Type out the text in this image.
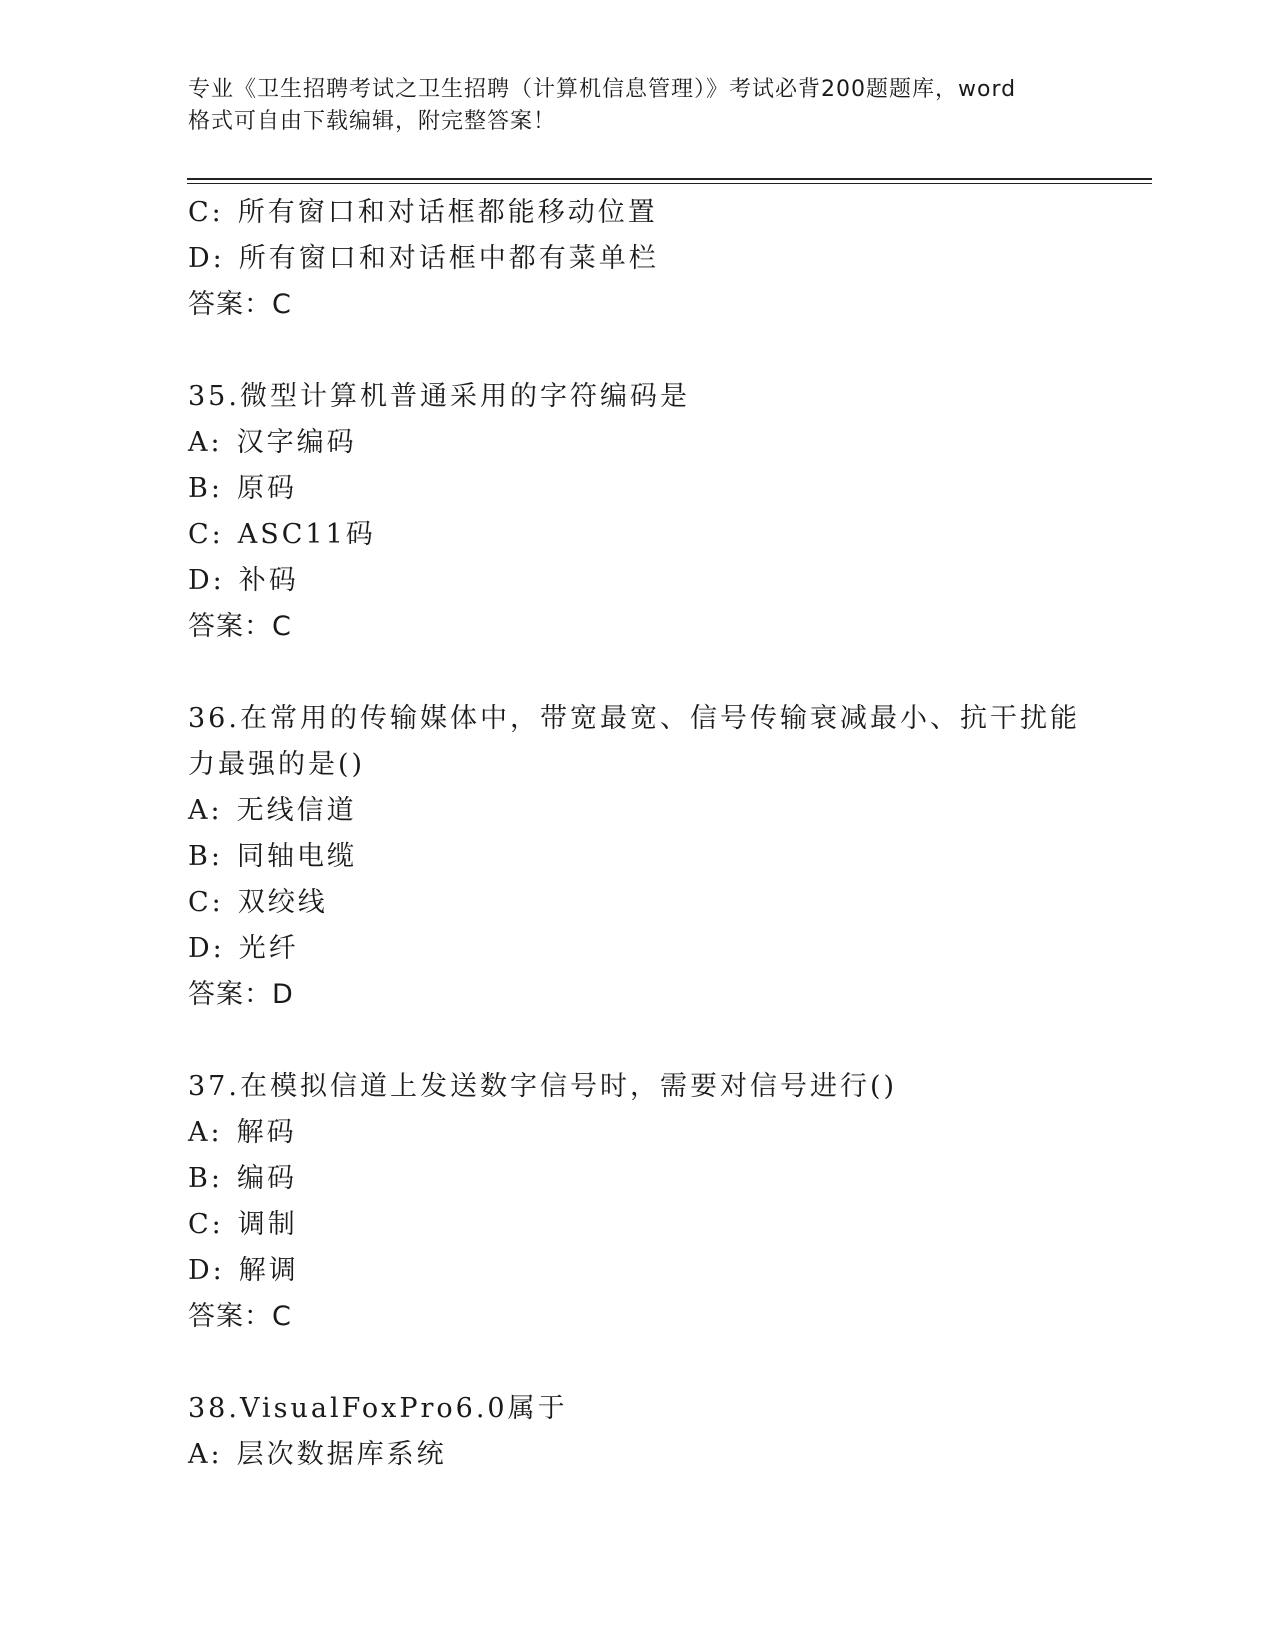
专业《卫生招聘考试之卫生招聘（计算机信息管理）》考试必背200题题库，word
格式可自由下载编辑，附完整答案！
C: 所有窗口和对话框都能移动位置
D: 所有窗口和对话框中都有菜单栏
答案：C
35.微型计算机普通采用的字符编码是
A: 汉字编码
B: 原码
C: ASC11码
D: 补码
答案：C
36.在常用的传输媒体中，带宽最宽、信号传输衰减最小、抗干扰能力最强的是()
A: 无线信道
B: 同轴电缆
C: 双绞线
D: 光纤
答案：D
37.在模拟信道上发送数字信号时，需要对信号进行()
A: 解码
B: 编码
C: 调制
D: 解调
答案：C
38.VisualFoxPro6.0属于
A: 层次数据库系统
